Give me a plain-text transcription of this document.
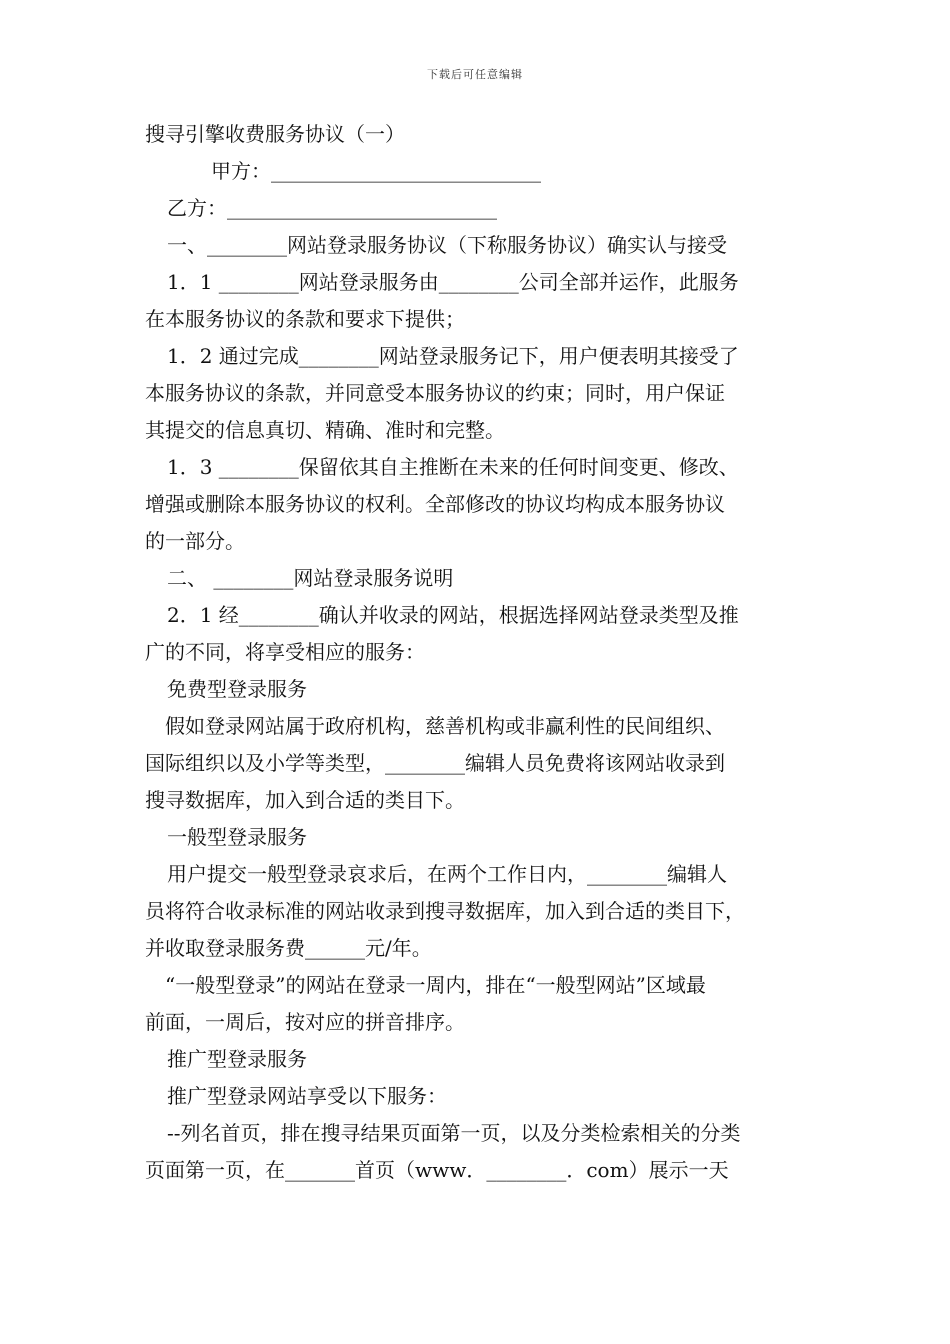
下载后可任意编辑
搜寻引擎收费服务协议（一）
甲方：___________________________
乙方：___________________________
一、________网站登录服务协议（下称服务协议）确实认与接受
1．1 ________网站登录服务由________公司全部并运作，此服务
在本服务协议的条款和要求下提供；
1．2 通过完成________网站登录服务记下，用户便表明其接受了
本服务协议的条款，并同意受本服务协议的约束；同时，用户保证
其提交的信息真切、精确、准时和完整。
1．3 ________保留依其自主推断在未来的任何时间变更、修改、
增强或删除本服务协议的权利。全部修改的协议均构成本服务协议
的一部分。
二、 ________网站登录服务说明
2．1 经________确认并收录的网站，根据选择网站登录类型及推
广的不同，将享受相应的服务：
免费型登录服务
假如登录网站属于政府机构，慈善机构或非赢利性的民间组织、
国际组织以及小学等类型，________编辑人员免费将该网站收录到
搜寻数据库，加入到合适的类目下。
一般型登录服务
用户提交一般型登录哀求后，在两个工作日内，________编辑人
员将符合收录标准的网站收录到搜寻数据库，加入到合适的类目下，
并收取登录服务费______元/年。
“一般型登录”的网站在登录一周内，排在“一般型网站”区域最
前面，一周后，按对应的拼音排序。
推广型登录服务
推广型登录网站享受以下服务：
--列名首页，排在搜寻结果页面第一页，以及分类检索相关的分类
页面第一页，在_______首页（www．________．com）展示一天
